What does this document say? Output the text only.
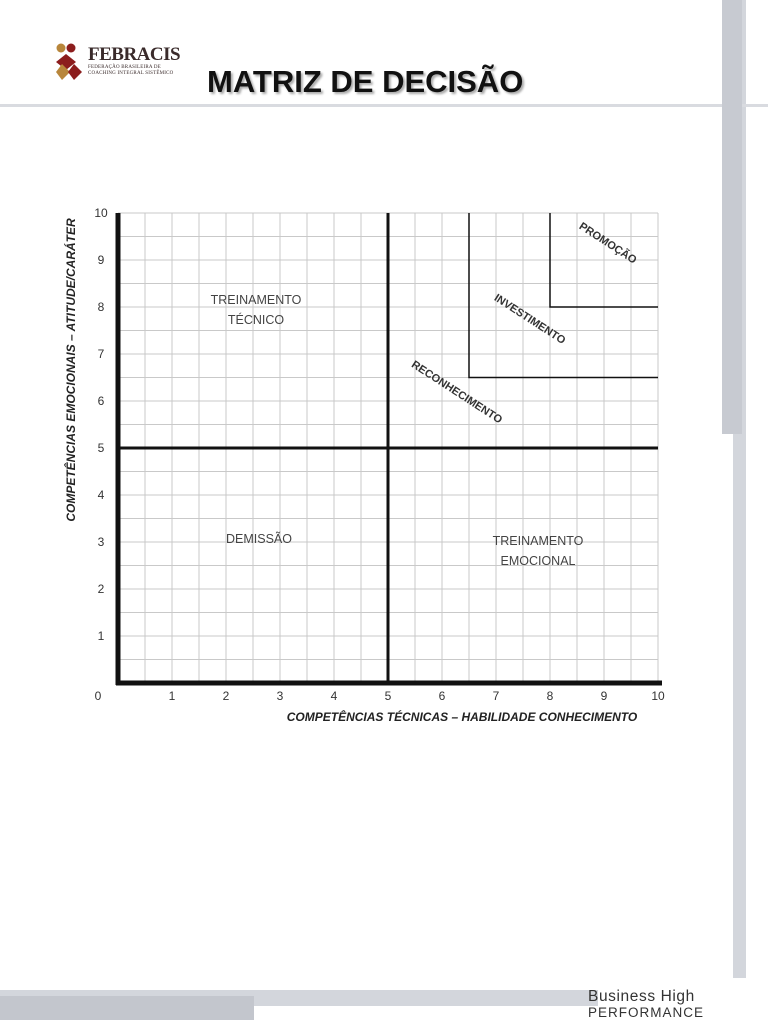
FEBRACIS
FEDERAÇÃO BRASILEIRA DE
COACHING INTEGRAL SISTÊMICO MATRIZ DE DECISÃO
1	2	3	4	5	6	7	8	9	10
1
2
3
4
5
6
7
8
9
10
0
COMPETÊNCIAS TÉCNICAS – HABILIDADE CONHECIMENTO
COMPETÊNCIAS EMOCIONAIS – ATITUDE/CARÁTER	TREINAMENTO
TÉCNICO
DEMISSÃO	TREINAMENTO
EMOCIONAL
RECONHECIMENTO
INVESTIMENTO
PROMOÇÃO
Business High
PERFORMANCE
